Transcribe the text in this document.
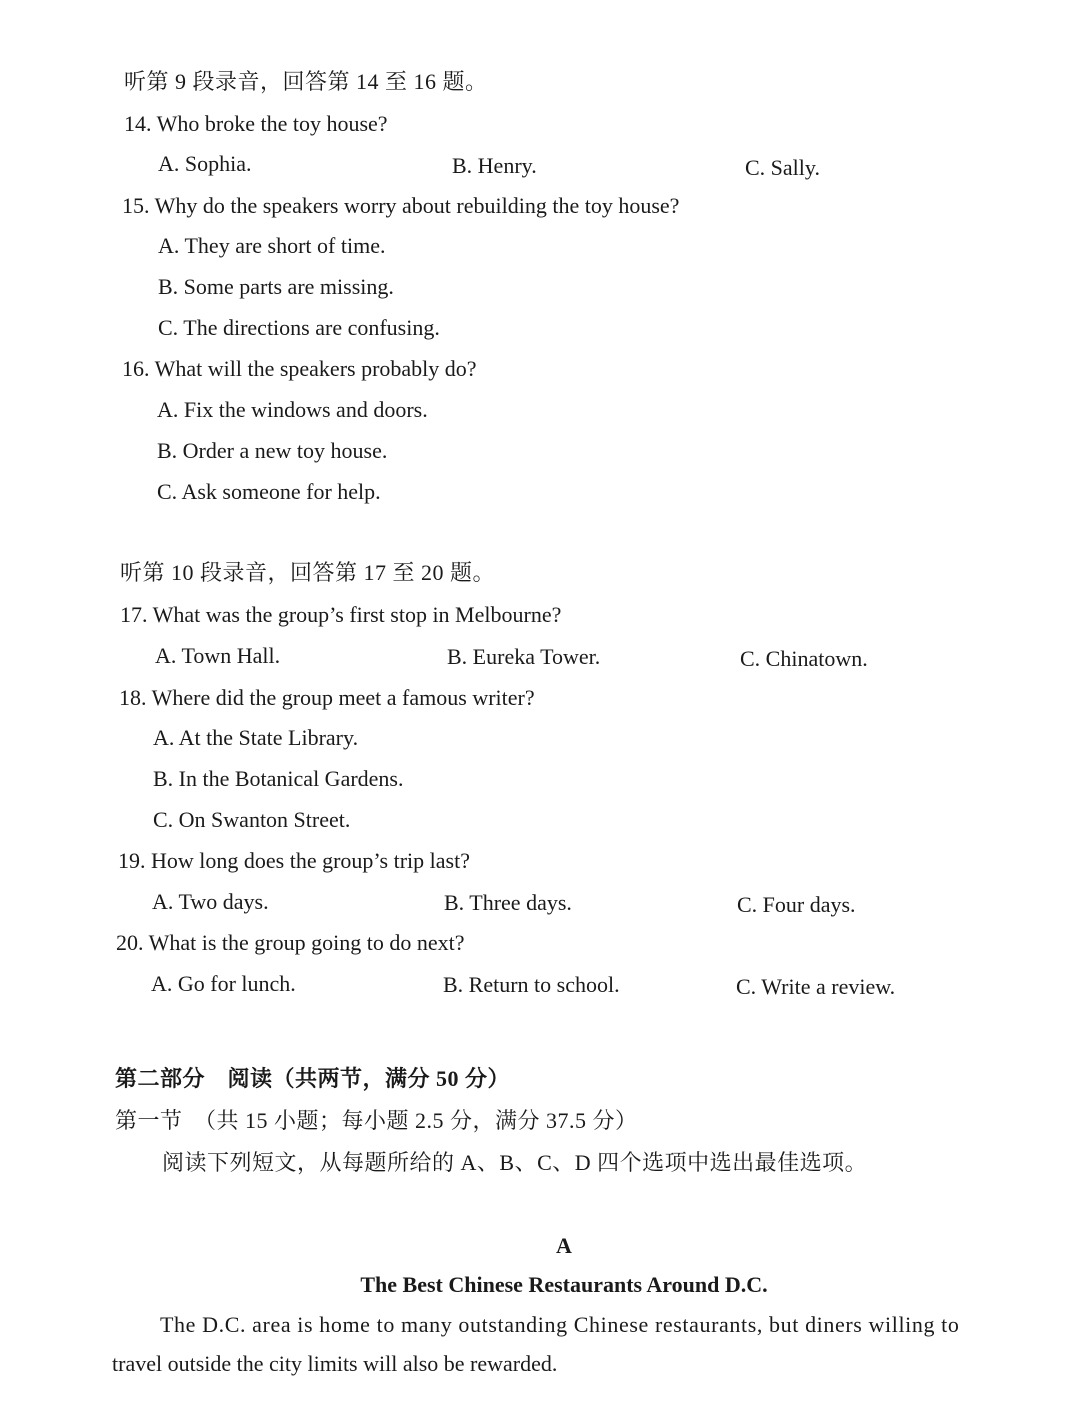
听第 9 段录音，回答第 14 至 16 题。
14. Who broke the toy house?
A. Sophia.	B. Henry.	C. Sally.
15. Why do the speakers worry about rebuilding the toy house?
A. They are short of time.
B. Some parts are missing.
C. The directions are confusing.
16. What will the speakers probably do?
A. Fix the windows and doors.
B. Order a new toy house.
C. Ask someone for help.
听第 10 段录音，回答第 17 至 20 题。
17. What was the group’s first stop in Melbourne?
A. Town Hall.	B. Eureka Tower.	C. Chinatown.
18. Where did the group meet a famous writer?
A. At the State Library.
B. In the Botanical Gardens.
C. On Swanton Street.
19. How long does the group’s trip last?
A. Two days.	B. Three days.	C. Four days.
20. What is the group going to do next?
A. Go for lunch.	B. Return to school.	C. Write a review.
第二部分　阅读（共两节，满分 50 分）
第一节　（共 15 小题；每小题 2.5 分，满分 37.5 分）
阅读下列短文，从每题所给的 A、B、C、D 四个选项中选出最佳选项。
A
The Best Chinese Restaurants Around D.C.
The D.C. area is home to many outstanding Chinese restaurants, but diners willing to
travel outside the city limits will also be rewarded.
